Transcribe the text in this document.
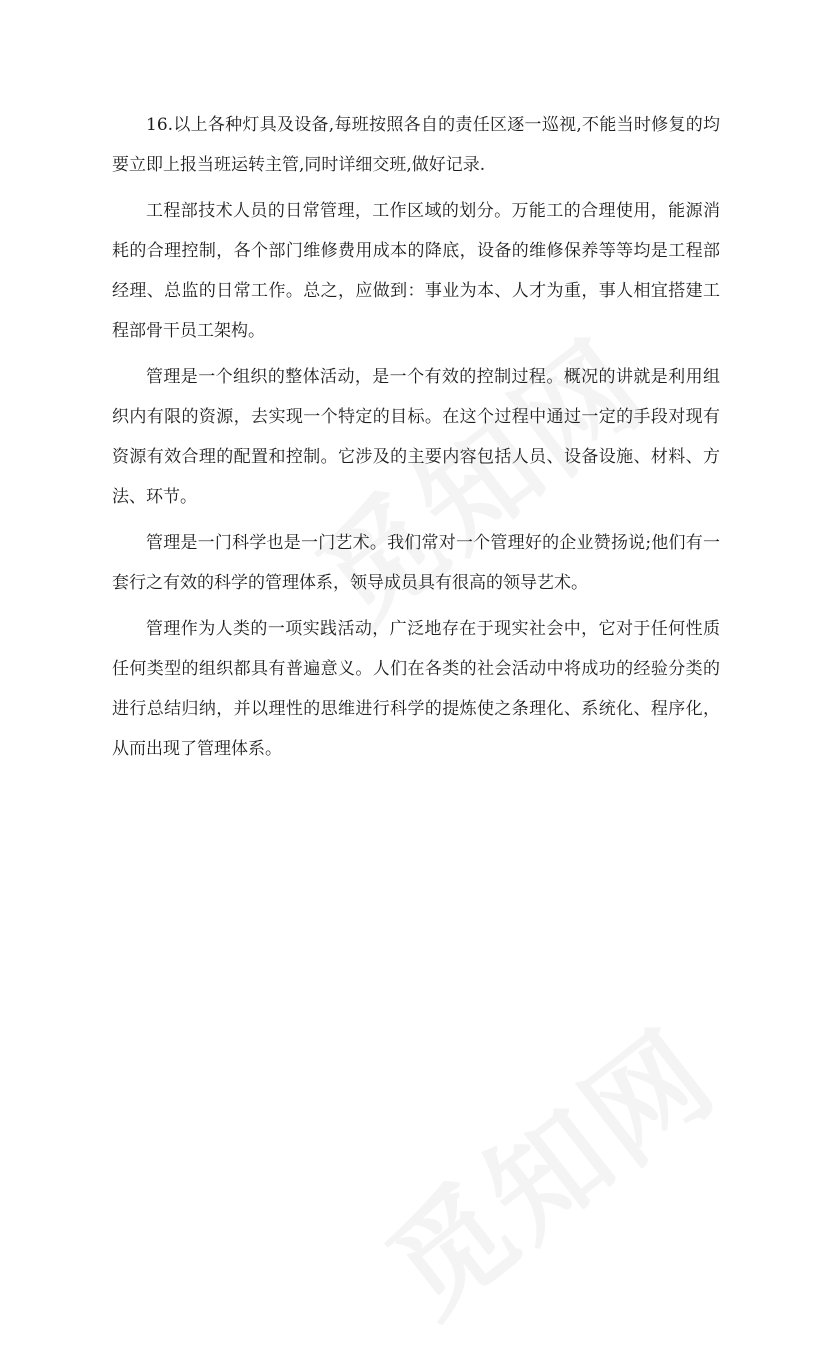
16.以上各种灯具及设备,每班按照各自的责任区逐一巡视,不能当时修复的均要立即上报当班运转主管,同时详细交班,做好记录.

工程部技术人员的日常管理，工作区域的划分。万能工的合理使用，能源消耗的合理控制，各个部门维修费用成本的降底，设备的维修保养等等均是工程部经理、总监的日常工作。总之，应做到：事业为本、人才为重，事人相宜搭建工程部骨干员工架构。

管理是一个组织的整体活动，是一个有效的控制过程。概况的讲就是利用组织内有限的资源，去实现一个特定的目标。在这个过程中通过一定的手段对现有资源有效合理的配置和控制。它涉及的主要内容包括人员、设备设施、材料、方法、环节。

管理是一门科学也是一门艺术。我们常对一个管理好的企业赞扬说;他们有一套行之有效的科学的管理体系，领导成员具有很高的领导艺术。

管理作为人类的一项实践活动，广泛地存在于现实社会中，它对于任何性质任何类型的组织都具有普遍意义。人们在各类的社会活动中将成功的经验分类的进行总结归纳，并以理性的思维进行科学的提炼使之条理化、系统化、程序化，从而出现了管理体系。
